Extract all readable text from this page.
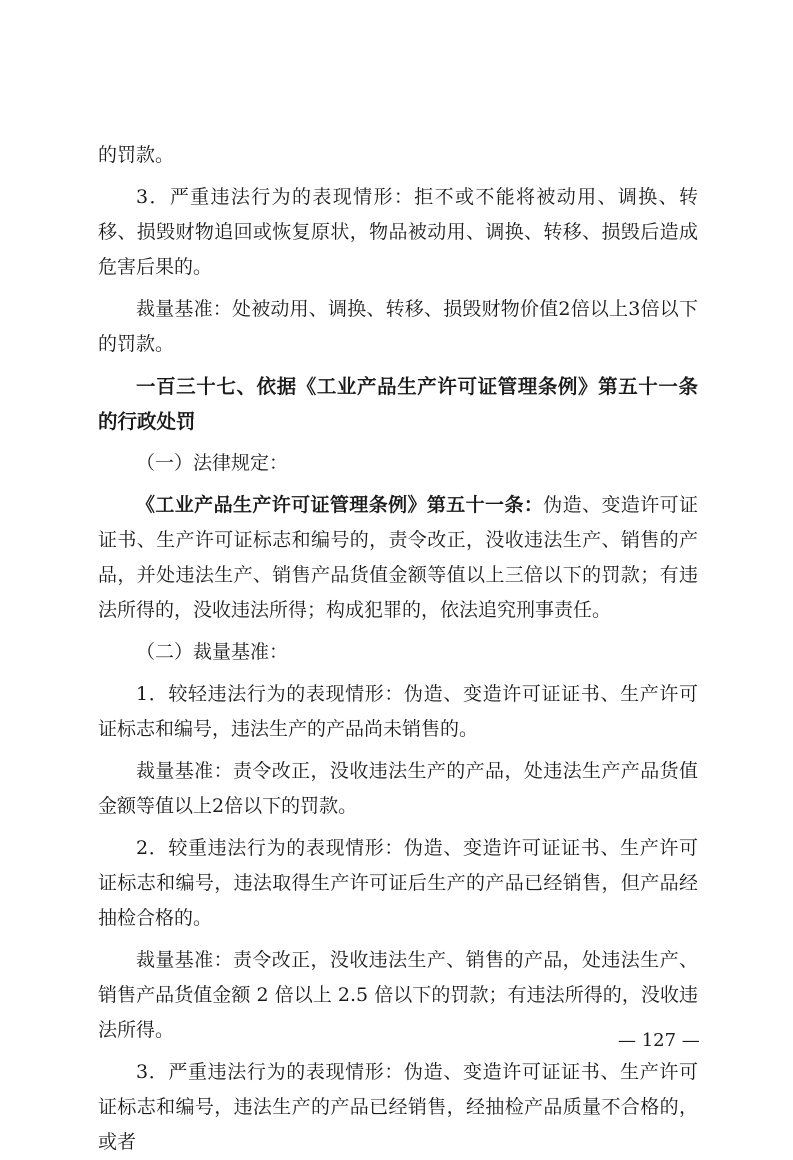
的罚款。

3．严重违法行为的表现情形：拒不或不能将被动用、调换、转移、损毁财物追回或恢复原状，物品被动用、调换、转移、损毁后造成危害后果的。

裁量基准：处被动用、调换、转移、损毁财物价值2倍以上3倍以下的罚款。

一百三十七、依据《工业产品生产许可证管理条例》第五十一条的行政处罚

（一）法律规定：

《工业产品生产许可证管理条例》第五十一条：伪造、变造许可证证书、生产许可证标志和编号的，责令改正，没收违法生产、销售的产品，并处违法生产、销售产品货值金额等值以上三倍以下的罚款；有违法所得的，没收违法所得；构成犯罪的，依法追究刑事责任。

（二）裁量基准：

1．较轻违法行为的表现情形：伪造、变造许可证证书、生产许可证标志和编号，违法生产的产品尚未销售的。

裁量基准：责令改正，没收违法生产的产品，处违法生产产品货值金额等值以上2倍以下的罚款。

2．较重违法行为的表现情形：伪造、变造许可证证书、生产许可证标志和编号，违法取得生产许可证后生产的产品已经销售，但产品经抽检合格的。

裁量基准：责令改正，没收违法生产、销售的产品，处违法生产、销售产品货值金额 2 倍以上 2.5 倍以下的罚款；有违法所得的，没收违法所得。

3．严重违法行为的表现情形：伪造、变造许可证证书、生产许可证标志和编号，违法生产的产品已经销售，经抽检产品质量不合格的，或者

— 127 —
